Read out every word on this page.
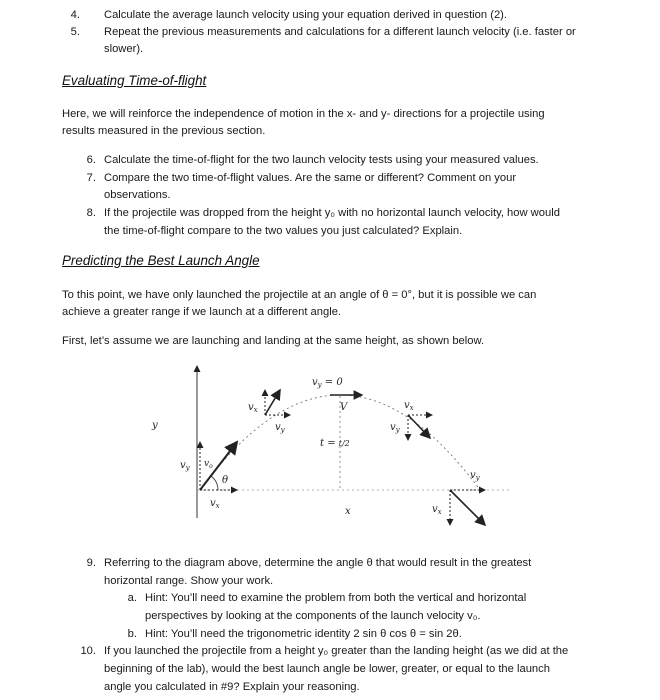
4. Calculate the average launch velocity using your equation derived in question (2).
5. Repeat the previous measurements and calculations for a different launch velocity (i.e. faster or
slower).
Evaluating Time-of-flight
Here, we will reinforce the independence of motion in the x- and y- directions for a projectile using
results measured in the previous section.
6. Calculate the time-of-flight for the two launch velocity tests using your measured values.
7. Compare the two time-of-flight values. Are the same or different? Comment on your
observations.
8. If the projectile was dropped from the height y₀ with no horizontal launch velocity, how would
the time-of-flight compare to the two values you just calculated? Explain.
Predicting the Best Launch Angle
To this point, we have only launched the projectile at an angle of θ = 0°, but it is possible we can
achieve a greater range if we launch at a different angle.
First, let’s assume we are launching and landing at the same height, as shown below.
θ
$v_y$
$v_x$
$v_o$
$v_x$
$v_y$
$v_y = 0$
V
t = t/2
$v_x$
$v_y$
$v_y$
$v_x$
y
x
9. Referring to the diagram above, determine the angle θ that would result in the greatest
horizontal range. Show your work.
a. Hint: You’ll need to examine the problem from both the vertical and horizontal
perspectives by looking at the components of the launch velocity v₀.
b. Hint: You’ll need the trigonometric identity 2 sin θ cos θ = sin 2θ.
10. If you launched the projectile from a height y₀ greater than the landing height (as we did at the
beginning of the lab), would the best launch angle be lower, greater, or equal to the launch
angle you calculated in #9? Explain your reasoning.
